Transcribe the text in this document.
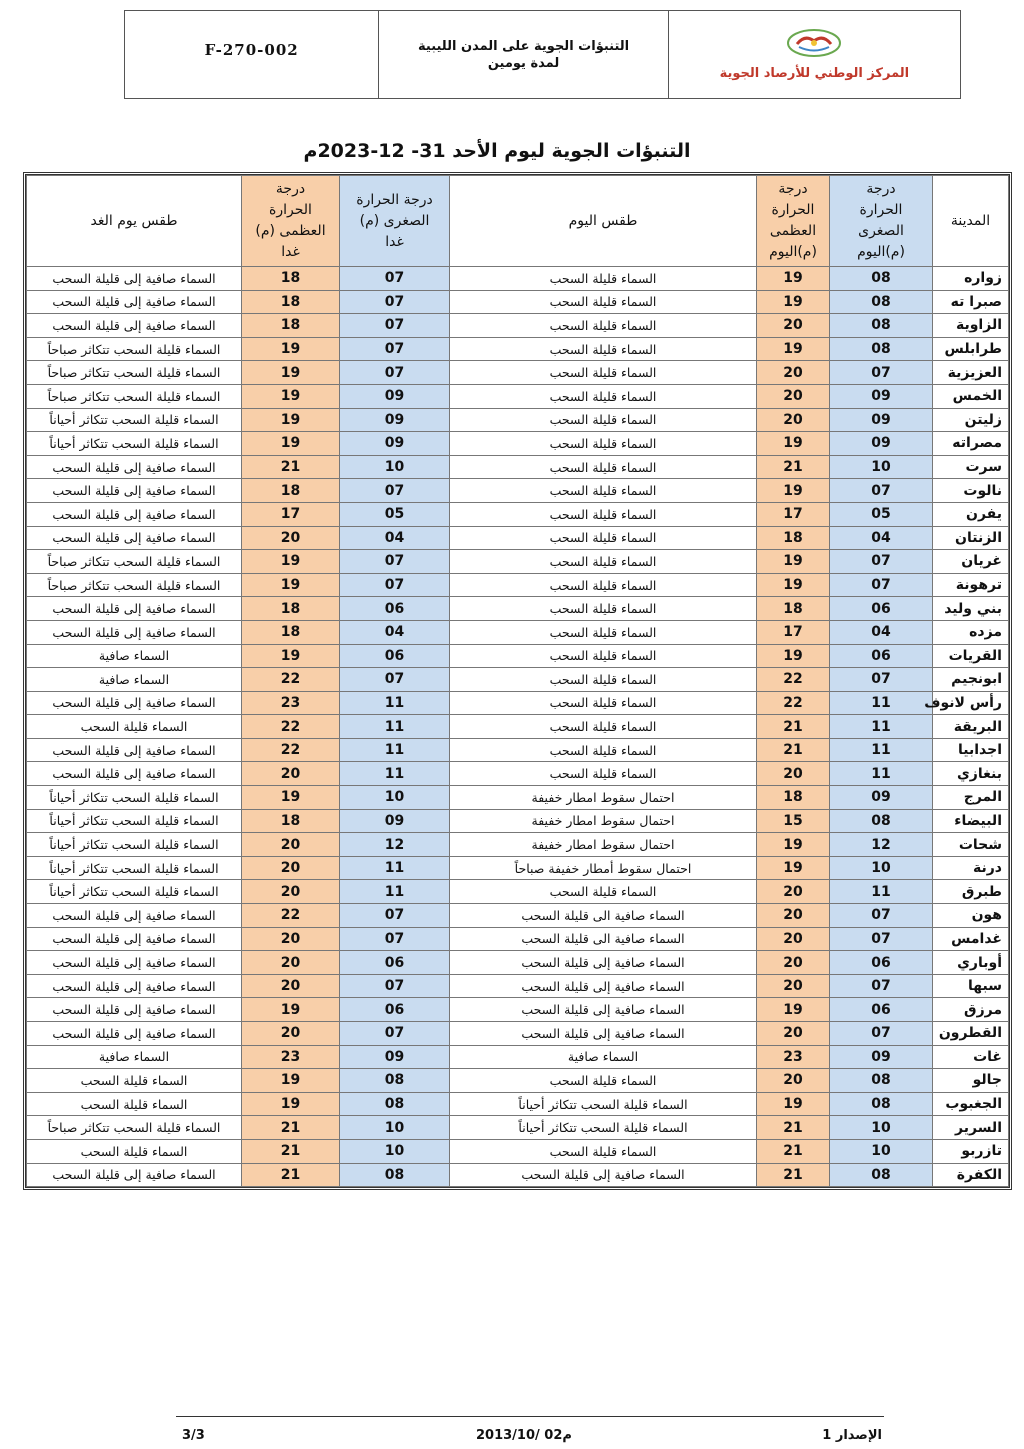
F-270-002	التنبؤات الجوية على المدن الليبية
لمدة يومين
المركز الوطني للأرصاد الجوية
التنبؤات الجوية ليوم الأحد 31- 12-2023م
المدينة	درجة الحرارة الصغرى (م)اليوم	درجة الحرارة العظمى (م)اليوم	طقس اليوم	درجة الحرارة الصغرى (م) غدا	درجة الحرارة العظمى (م) غدا	طقس يوم الغد
زواره	08	19	السماء قليلة السحب	07	18	السماء صافية إلى قليلة السحب
صبرا ته	08	19	السماء قليلة السحب	07	18	السماء صافية إلى قليلة السحب
الزاوية	08	20	السماء قليلة السحب	07	18	السماء صافية إلى قليلة السحب
طرابلس	08	19	السماء قليلة السحب	07	19	السماء قليلة السحب تتكاثر صباحاً
العزيزية	07	20	السماء قليلة السحب	07	19	السماء قليلة السحب تتكاثر صباحاً
الخمس	09	20	السماء قليلة السحب	09	19	السماء قليلة السحب تتكاثر صباحاً
زليتن	09	20	السماء قليلة السحب	09	19	السماء قليلة السحب تتكاثر أحياناً
مصراته	09	19	السماء قليلة السحب	09	19	السماء قليلة السحب تتكاثر أحياناً
سرت	10	21	السماء قليلة السحب	10	21	السماء صافية إلى قليلة السحب
نالوت	07	19	السماء قليلة السحب	07	18	السماء صافية إلى قليلة السحب
يفرن	05	17	السماء قليلة السحب	05	17	السماء صافية إلى قليلة السحب
الزنتان	04	18	السماء قليلة السحب	04	20	السماء صافية إلى قليلة السحب
غريان	07	19	السماء قليلة السحب	07	19	السماء قليلة السحب تتكاثر صباحاً
ترهونة	07	19	السماء قليلة السحب	07	19	السماء قليلة السحب تتكاثر صباحاً
بني وليد	06	18	السماء قليلة السحب	06	18	السماء صافية إلى قليلة السحب
مزده	04	17	السماء قليلة السحب	04	18	السماء صافية إلى قليلة السحب
القريات	06	19	السماء قليلة السحب	06	19	السماء صافية
ابونجيم	07	22	السماء قليلة السحب	07	22	السماء صافية
رأس لانوف	11	22	السماء قليلة السحب	11	23	السماء صافية إلى قليلة السحب
البريقة	11	21	السماء قليلة السحب	11	22	السماء قليلة السحب
اجدابيا	11	21	السماء قليلة السحب	11	22	السماء صافية إلى قليلة السحب
بنغازي	11	20	السماء قليلة السحب	11	20	السماء صافية إلى قليلة السحب
المرج	09	18	احتمال سقوط امطار خفيفة	10	19	السماء قليلة السحب تتكاثر أحياناً
البيضاء	08	15	احتمال سقوط امطار خفيفة	09	18	السماء قليلة السحب تتكاثر أحياناً
شحات	12	19	احتمال سقوط امطار خفيفة	12	20	السماء قليلة السحب تتكاثر أحياناً
درنة	10	19	احتمال سقوط أمطار خفيفة صباحاً	11	20	السماء قليلة السحب تتكاثر أحياناً
طبرق	11	20	السماء قليلة السحب	11	20	السماء قليلة السحب تتكاثر أحياناً
هون	07	20	السماء صافية الى قليلة السحب	07	22	السماء صافية إلى قليلة السحب
غدامس	07	20	السماء صافية الى قليلة السحب	07	20	السماء صافية إلى قليلة السحب
أوباري	06	20	السماء صافية إلى قليلة السحب	06	20	السماء صافية إلى قليلة السحب
سبها	07	20	السماء صافية إلى قليلة السحب	07	20	السماء صافية إلى قليلة السحب
مرزق	06	19	السماء صافية إلى قليلة السحب	06	19	السماء صافية إلى قليلة السحب
القطرون	07	20	السماء صافية إلى قليلة السحب	07	20	السماء صافية إلى قليلة السحب
غات	09	23	السماء صافية	09	23	السماء صافية
جالو	08	20	السماء قليلة السحب	08	19	السماء قليلة السحب
الجغبوب	08	19	السماء قليلة السحب تتكاثر أحياناً	08	19	السماء قليلة السحب
السرير	10	21	السماء قليلة السحب تتكاثر أحياناً	10	21	السماء قليلة السحب تتكاثر صباحاً
تازربو	10	21	السماء قليلة السحب	10	21	السماء قليلة السحب
الكفرة	08	21	السماء صافية إلى قليلة السحب	08	21	السماء صافية إلى قليلة السحب
3/3	2013/10/ 02م	الإصدار 1
